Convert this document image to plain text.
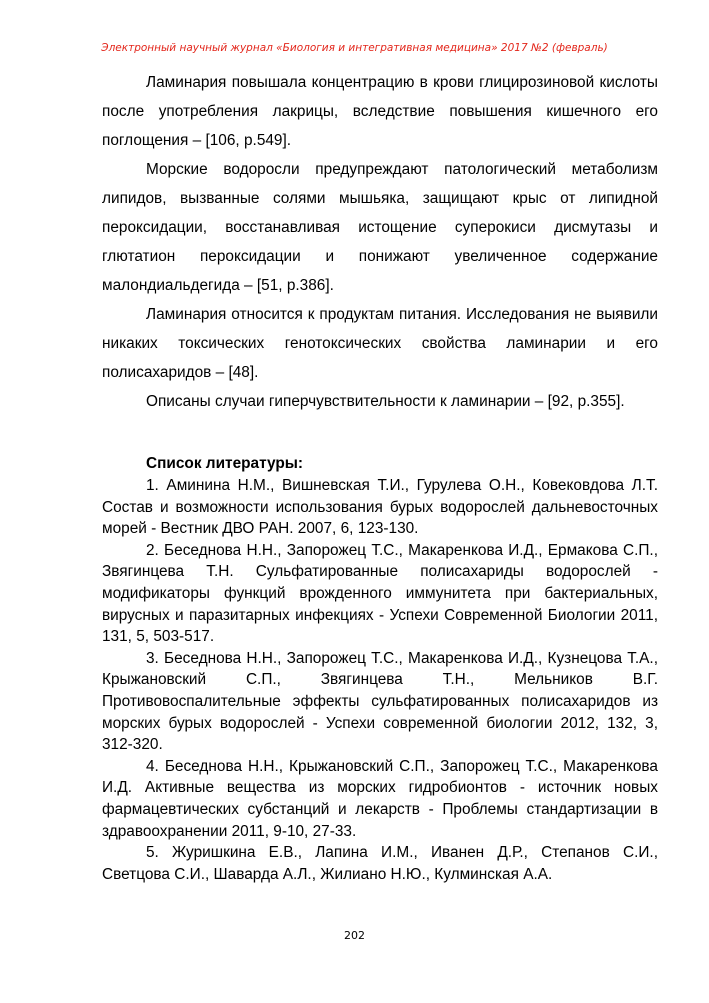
Электронный научный журнал «Биология и интегративная медицина» 2017 №2 (февраль)

Ламинария повышала концентрацию в крови глицирозиновой кислоты после употребления лакрицы, вследствие повышения кишечного его поглощения – [106, p.549].

Морские водоросли предупреждают патологический метаболизм липидов, вызванные солями мышьяка, защищают крыс от липидной пероксидации, восстанавливая истощение суперокиси дисмутазы и глютатион пероксидации и понижают увеличенное содержание малондиальдегида – [51, p.386].

Ламинария относится к продуктам питания. Исследования не выявили никаких токсических генотоксических свойства ламинарии и его полисахаридов – [48].

Описаны случаи гиперчувствительности к ламинарии – [92, p.355].

Список литературы:

1. Аминина Н.М., Вишневская Т.И., Гурулева О.Н., Ковековдова Л.Т. Состав и возможности использования бурых водорослей дальневосточных морей - Вестник ДВО РАН. 2007, 6, 123-130.

2. Беседнова Н.Н., Запорожец Т.С., Макаренкова И.Д., Ермакова С.П., Звягинцева Т.Н. Сульфатированные полисахариды водорослей - модификаторы функций врожденного иммунитета при бактериальных, вирусных и паразитарных инфекциях - Успехи Современной Биологии 2011, 131, 5, 503-517.

3. Беседнова Н.Н., Запорожец Т.С., Макаренкова И.Д., Кузнецова Т.А., Крыжановский С.П., Звягинцева Т.Н., Мельников В.Г. Противовоспалительные эффекты сульфатированных полисахаридов из морских бурых водорослей - Успехи современной биологии 2012, 132, 3, 312-320.

4. Беседнова Н.Н., Крыжановский С.П., Запорожец Т.С., Макаренкова И.Д. Активные вещества из морских гидробионтов - источник новых фармацевтических субстанций и лекарств - Проблемы стандартизации в здравоохранении 2011, 9-10, 27-33.

5. Журишкина Е.В., Лапина И.М., Иванен Д.Р., Степанов С.И., Светцова С.И., Шаварда А.Л., Жилиано Н.Ю., Кулминская А.А.

202
